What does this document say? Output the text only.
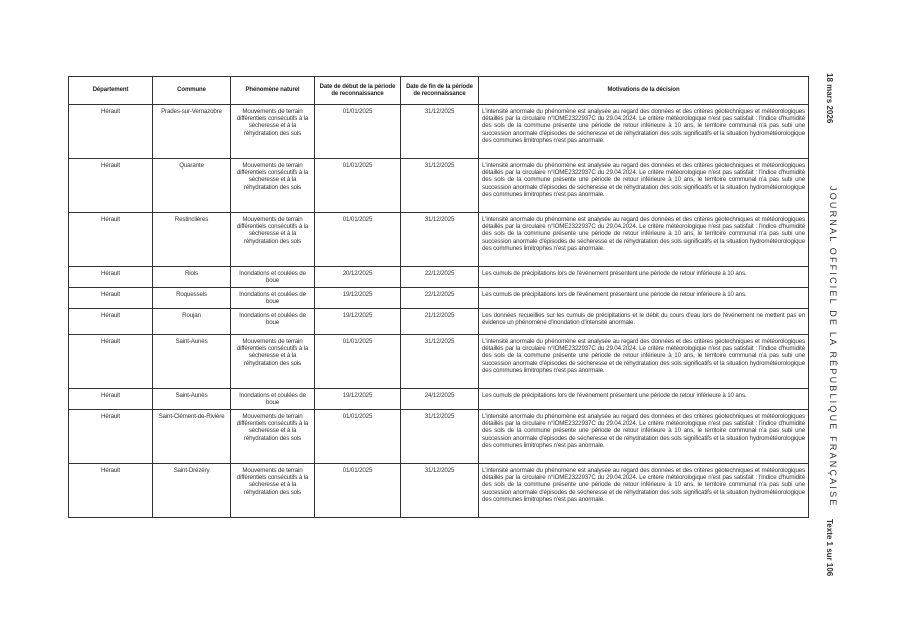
Département	Commune	Phénomène naturel	Date de début de la période de reconnaissance	Date de fin de la période de reconnaissance	Motivations de la décision
Hérault	Prades-sur-Vernazobre	Mouvements de terrain différentiels consécutifs à la sécheresse et à la réhydratation des sols	01/01/2025	31/12/2025	L'intensité anormale du phénomène est analysée au regard des données et des critères géotechniques et météorologiques détaillés par la circulaire n°IOME2322937C du 29.04.2024. Le critère météorologique n'est pas satisfait : l'indice d'humidité des sols de la commune présente une période de retour inférieure à 10 ans, le territoire communal n'a pas subi une succession anormale d'épisodes de sécheresse et de réhydratation des sols significatifs et la situation hydrométéorologique des communes limitrophes n'est pas anormale.
Hérault	Quarante	Mouvements de terrain différentiels consécutifs à la sécheresse et à la réhydratation des sols	01/01/2025	31/12/2025	L'intensité anormale du phénomène est analysée au regard des données et des critères géotechniques et météorologiques détaillés par la circulaire n°IOME2322937C du 29.04.2024. Le critère météorologique n'est pas satisfait : l'indice d'humidité des sols de la commune présente une période de retour inférieure à 10 ans, le territoire communal n'a pas subi une succession anormale d'épisodes de sécheresse et de réhydratation des sols significatifs et la situation hydrométéorologique des communes limitrophes n'est pas anormale.
Hérault	Restinclières	Mouvements de terrain différentiels consécutifs à la sécheresse et à la réhydratation des sols	01/01/2025	31/12/2025	L'intensité anormale du phénomène est analysée au regard des données et des critères géotechniques et météorologiques détaillés par la circulaire n°IOME2322937C du 29.04.2024. Le critère météorologique n'est pas satisfait : l'indice d'humidité des sols de la commune présente une période de retour inférieure à 10 ans, le territoire communal n'a pas subi une succession anormale d'épisodes de sécheresse et de réhydratation des sols significatifs et la situation hydrométéorologique des communes limitrophes n'est pas anormale.
Hérault	Riols	Inondations et coulées de boue	20/12/2025	22/12/2025	Les cumuls de précipitations lors de l'événement présentent une période de retour inférieure à 10 ans.
Hérault	Roquessels	Inondations et coulées de boue	19/12/2025	22/12/2025	Les cumuls de précipitations lors de l'événement présentent une période de retour inférieure à 10 ans.
Hérault	Roujan	Inondations et coulées de boue	19/12/2025	21/12/2025	Les données recueillies sur les cumuls de précipitations et le débit du cours d'eau lors de l'événement ne mettent pas en évidence un phénomène d'inondation d'intensité anormale.
Hérault	Saint-Aunès	Mouvements de terrain différentiels consécutifs à la sécheresse et à la réhydratation des sols	01/01/2025	31/12/2025	L'intensité anormale du phénomène est analysée au regard des données et des critères géotechniques et météorologiques détaillés par la circulaire n°IOME2322937C du 29.04.2024. Le critère météorologique n'est pas satisfait : l'indice d'humidité des sols de la commune présente une période de retour inférieure à 10 ans, le territoire communal n'a pas subi une succession anormale d'épisodes de sécheresse et de réhydratation des sols significatifs et la situation hydrométéorologique des communes limitrophes n'est pas anormale.
Hérault	Saint-Aunès	Inondations et coulées de boue	19/12/2025	24/12/2025	Les cumuls de précipitations lors de l'événement présentent une période de retour inférieure à 10 ans.
Hérault	Saint-Clément-de-Rivière	Mouvements de terrain différentiels consécutifs à la sécheresse et à la réhydratation des sols	01/01/2025	31/12/2025	L'intensité anormale du phénomène est analysée au regard des données et des critères géotechniques et météorologiques détaillés par la circulaire n°IOME2322937C du 29.04.2024. Le critère météorologique n'est pas satisfait : l'indice d'humidité des sols de la commune présente une période de retour inférieure à 10 ans, le territoire communal n'a pas subi une succession anormale d'épisodes de sécheresse et de réhydratation des sols significatifs et la situation hydrométéorologique des communes limitrophes n'est pas anormale.
Hérault	Saint-Drézéry	Mouvements de terrain différentiels consécutifs à la sécheresse et à la réhydratation des sols	01/01/2025	31/12/2025	L'intensité anormale du phénomène est analysée au regard des données et des critères géotechniques et météorologiques détaillés par la circulaire n°IOME2322937C du 29.04.2024. Le critère météorologique n'est pas satisfait : l'indice d'humidité des sols de la commune présente une période de retour inférieure à 10 ans, le territoire communal n'a pas subi une succession anormale d'épisodes de sécheresse et de réhydratation des sols significatifs et la situation hydrométéorologique des communes limitrophes n'est pas anormale.
18 mars 2026
JOURNAL OFFICIEL DE LA RÉPUBLIQUE FRANÇAISE
Texte 1 sur 106
